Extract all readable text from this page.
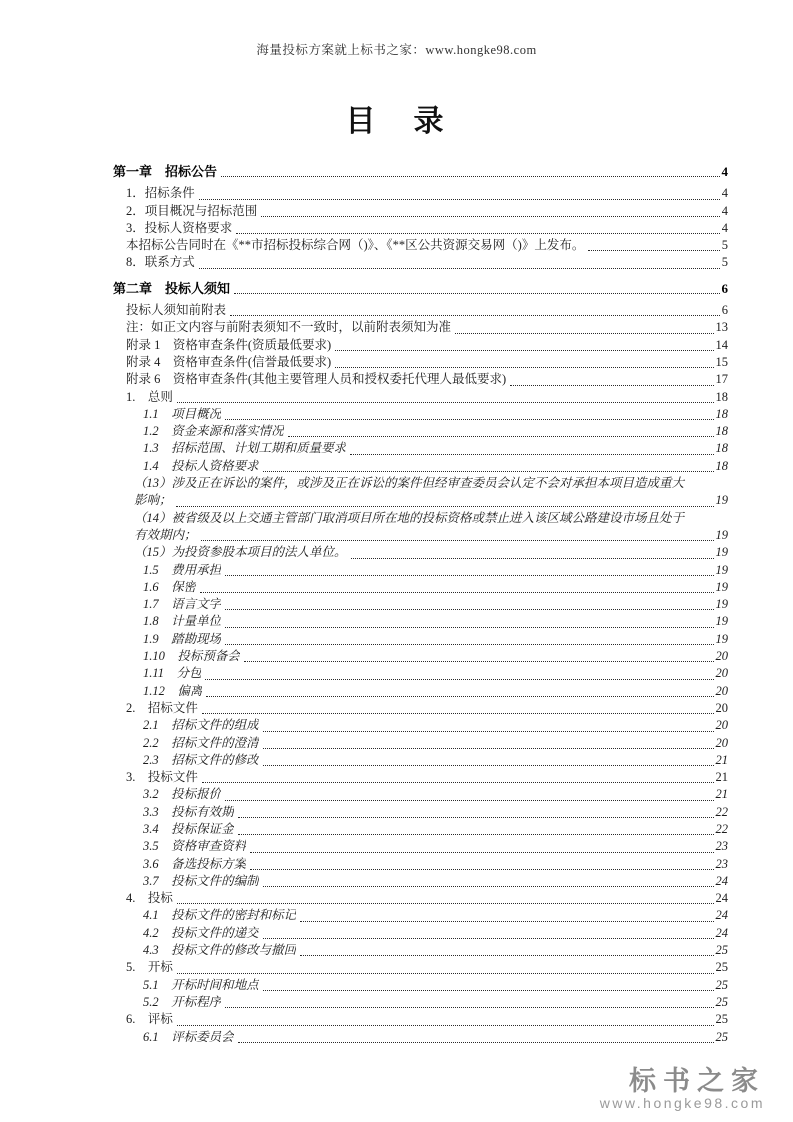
海量投标方案就上标书之家：www.hongke98.com
目　录
第一章　招标公告	4
1．招标条件	4
2．项目概况与招标范围	4
3．投标人资格要求	4
本招标公告同时在《**市招标投标综合网（)》、《**区公共资源交易网（)》上发布。	5
8．联系方式	5
第二章　投标人须知	6
投标人须知前附表	6
注：如正文内容与前附表须知不一致时，以前附表须知为准	13
附录 1　资格审查条件(资质最低要求)	14
附录 4　资格审查条件(信誉最低要求)	15
附录 6　资格审查条件(其他主要管理人员和授权委托代理人最低要求)	17
1.　总则	18
1.1　项目概况	18
1.2　资金来源和落实情况	18
1.3　招标范围、计划工期和质量要求	18
1.4　投标人资格要求	18
（13）涉及正在诉讼的案件，或涉及正在诉讼的案件但经审查委员会认定不会对承担本项目造成重大
影响；	19
（14）被省级及以上交通主管部门取消项目所在地的投标资格或禁止进入该区域公路建设市场且处于
有效期内；	19
（15）为投资参股本项目的法人单位。	19
1.5　费用承担	19
1.6　保密	19
1.7　语言文字	19
1.8　计量单位	19
1.9　踏勘现场	19
1.10　投标预备会	20
1.11　分包	20
1.12　偏离	20
2.　招标文件	20
2.1　招标文件的组成	20
2.2　招标文件的澄清	20
2.3　招标文件的修改	21
3.　投标文件	21
3.2　投标报价	21
3.3　投标有效期	22
3.4　投标保证金	22
3.5　资格审查资料	23
3.6　备选投标方案	23
3.7　投标文件的编制	24
4.　投标	24
4.1　投标文件的密封和标记	24
4.2　投标文件的递交	24
4.3　投标文件的修改与撤回	25
5.　开标	25
5.1　开标时间和地点	25
5.2　开标程序	25
6.　评标	25
6.1　评标委员会	25
标书之家
www.hongke98.com
